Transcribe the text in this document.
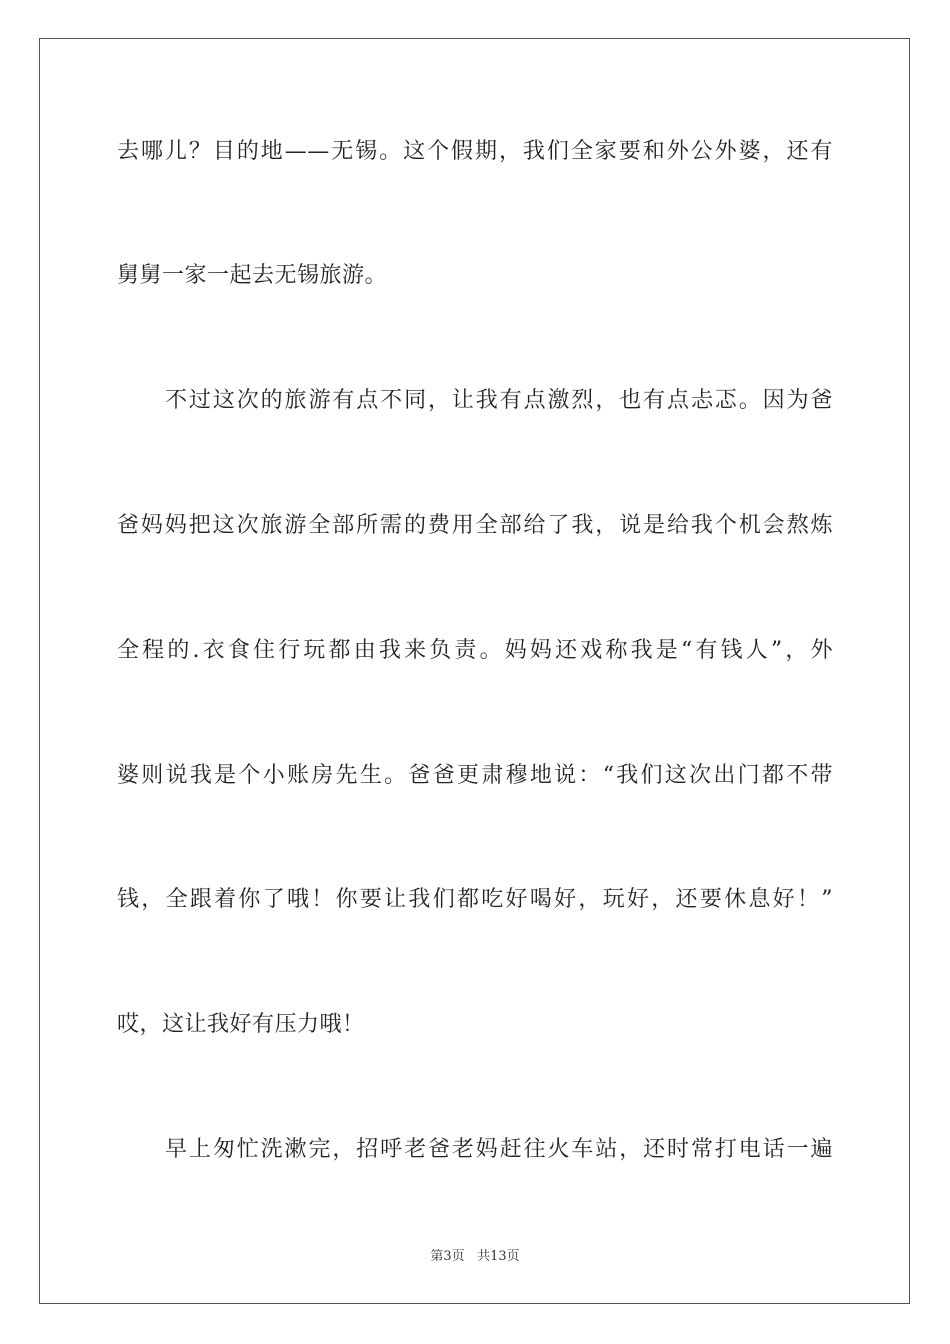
去哪儿？目的地——无锡。这个假期，我们全家要和外公外婆，还有
舅舅一家一起去无锡旅游。
不过这次的旅游有点不同，让我有点激烈，也有点忐忑。因为爸
爸妈妈把这次旅游全部所需的费用全部给了我，说是给我个机会熬炼
全程的.衣食住行玩都由我来负责。妈妈还戏称我是“有钱人”，外
婆则说我是个小账房先生。爸爸更肃穆地说：“我们这次出门都不带
钱，全跟着你了哦！你要让我们都吃好喝好，玩好，还要休息好！”
哎，这让我好有压力哦！
早上匆忙洗漱完，招呼老爸老妈赶往火车站，还时常打电话一遍
第3页 共13页
